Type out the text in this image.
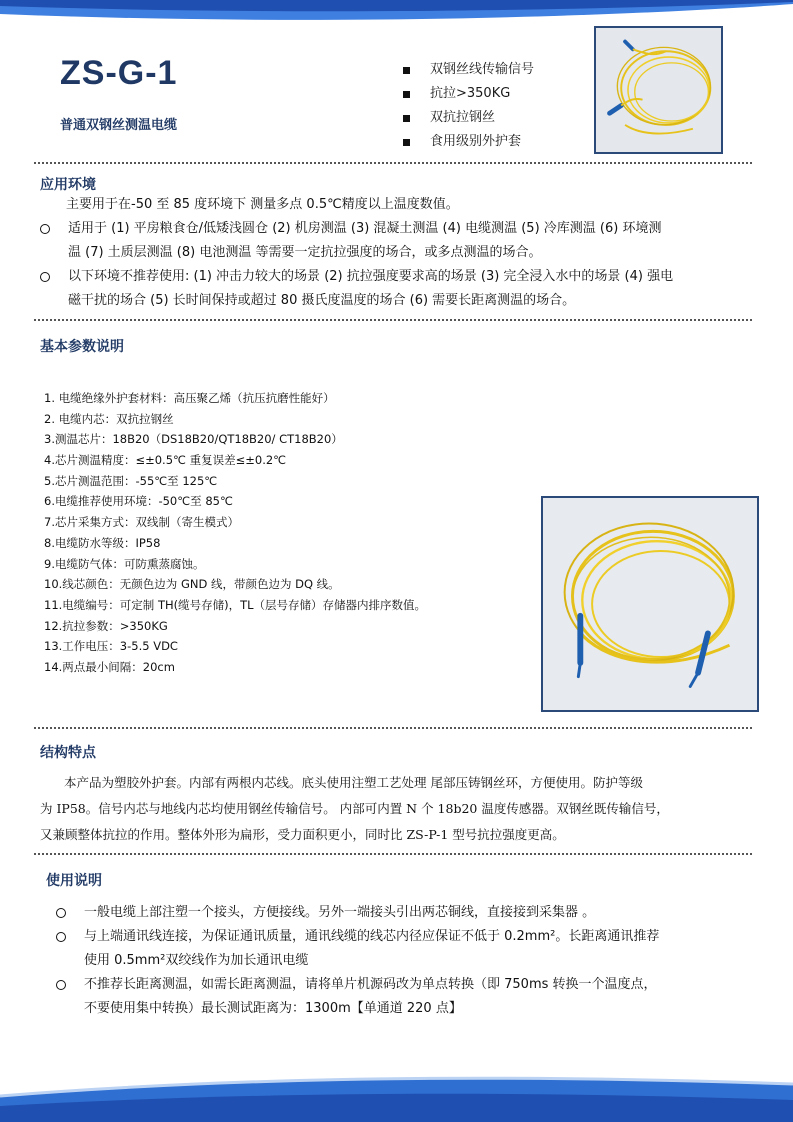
ZS-G-1
普通双钢丝测温电缆
双钢丝线传输信号
抗拉>350KG
双抗拉钢丝
食用级别外护套
应用环境
主要用于在-50 至 85 度环境下 测量多点 0.5℃精度以上温度数值。
适用于 (1) 平房粮食仓/低矮浅圆仓 (2) 机房测温 (3) 混凝土测温 (4) 电缆测温 (5) 冷库测温 (6) 环境测
温 (7) 土质层测温 (8) 电池测温 等需要一定抗拉强度的场合，或多点测温的场合。
以下环境不推荐使用: (1) 冲击力较大的场景 (2) 抗拉强度要求高的场景 (3) 完全浸入水中的场景 (4) 强电
磁干扰的场合 (5) 长时间保持或超过 80 摄氏度温度的场合 (6) 需要长距离测温的场合。
基本参数说明
1. 电缆绝缘外护套材料：高压聚乙烯（抗压抗磨性能好）
2. 电缆内芯：双抗拉钢丝
3.测温芯片：18B20（DS18B20/QT18B20/ CT18B20）
4.芯片测温精度：≤±0.5℃ 重复误差≤±0.2℃
5.芯片测温范围：-55℃至 125℃
6.电缆推荐使用环境：-50℃至 85℃
7.芯片采集方式：双线制（寄生模式）
8.电缆防水等级：IP58
9.电缆防气体：可防熏蒸腐蚀。
10.线芯颜色：无颜色边为 GND 线，带颜色边为 DQ 线。
11.电缆编号：可定制 TH(缆号存储)，TL（层号存储）存储器内排序数值。
12.抗拉参数：>350KG
13.工作电压：3-5.5 VDC
14.两点最小间隔：20cm
结构特点
本产品为塑胶外护套。内部有两根内芯线。底头使用注塑工艺处理 尾部压铸钢丝环，方便使用。防护等级
为 IP58。信号内芯与地线内芯均使用钢丝传输信号。 内部可内置 N 个 18b20 温度传感器。双钢丝既传输信号，
又兼顾整体抗拉的作用。整体外形为扁形，受力面积更小，同时比 ZS-P-1 型号抗拉强度更高。
使用说明
一般电缆上部注塑一个接头，方便接线。另外一端接头引出两芯铜线，直接接到采集器 。
与上端通讯线连接，为保证通讯质量，通讯线缆的线芯内径应保证不低于 0.2mm²。长距离通讯推荐
使用 0.5mm²双绞线作为加长通讯电缆
不推荐长距离测温，如需长距离测温，请将单片机源码改为单点转换（即 750ms 转换一个温度点，
不要使用集中转换）最长测试距离为：1300m【单通道 220 点】
